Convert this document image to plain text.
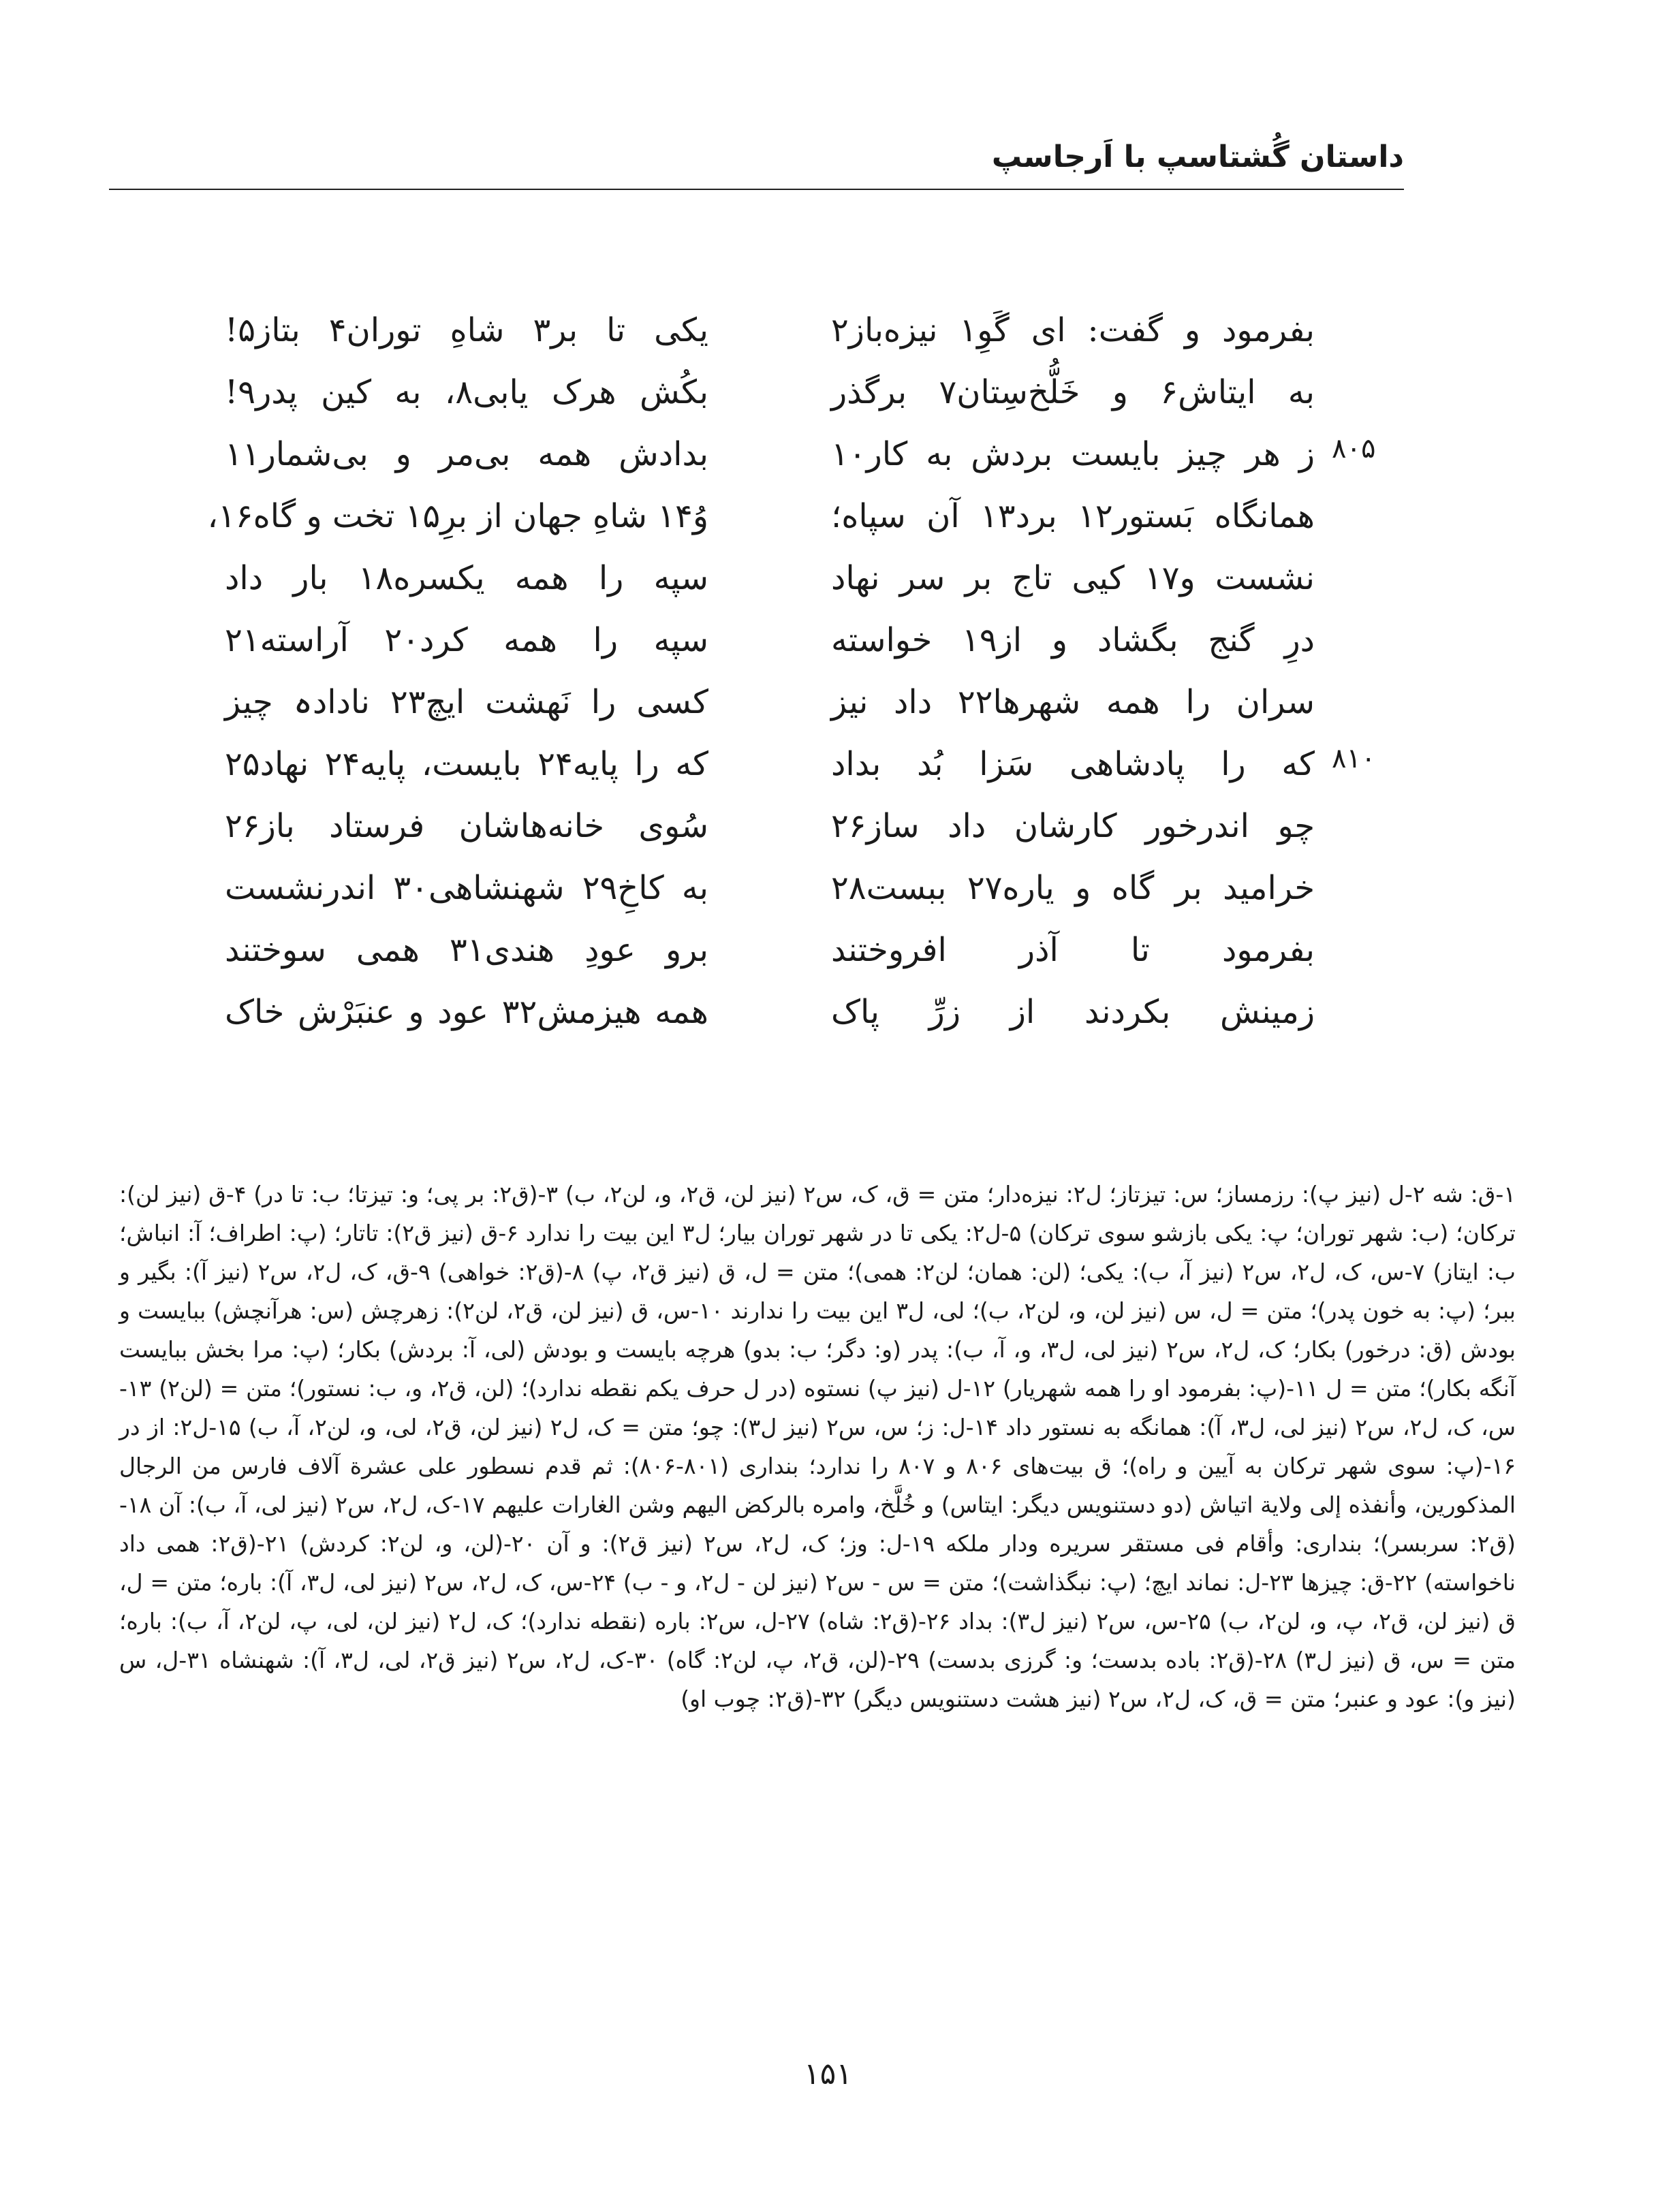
داستان گُشتاسپ با اَرجاسپ
بفرمود و گفت: ای گَوِ۱ نیزه‌باز۲
یکی تا بر۳ شاهِ توران۴ بتاز۵!
به ایتاش۶ و خَلُّخ‌سِتان۷ برگذر
بکُش هرک یابی۸، به کین پدر۹!
ز هر چیز بایست بردش به کار۱۰
بدادش همه بی‌مر و بی‌شمار۱۱	۸۰۵
همانگاه بَستور۱۲ برد۱۳ آن سپاه؛
وُ۱۴ شاهِ جهان از برِ۱۵ تخت و گاه۱۶،
نشست و۱۷ کیی تاج بر سر نهاد
سپه را همه یکسره۱۸ بار داد
درِ گنج بگشاد و از۱۹ خواسته
سپه را همه کرد۲۰ آراسته۲۱
سران را همه شهرها۲۲ داد نیز
کسی را نَهشت ایچ۲۳ نادادہ چیز
که را پادشاهی سَزا بُد بداد
که را پایه۲۴ بایست، پایه۲۴ نهاد۲۵	۸۱۰
چو اندرخور کارشان داد ساز۲۶
سُوی خانه‌هاشان فرستاد باز۲۶
خرامید بر گاه و یاره۲۷ ببست۲۸
به کاخِ۲۹ شهنشاهی۳۰ اندرنشست
بفرمود تا آذر افروختند
برو عودِ هندی۳۱ همی سوختند
زمینش بکردند از زرِّ پاک
همه هیزمش۳۲ عود و عنبَرْش خاک

۱-ق: شه ۲-ل (نیز پ): رزمساز؛ س: تیزتاز؛ ل۲: نیزه‌دار؛ متن = ق، ک، س۲ (نیز لن، ق۲، و، لن۲، ب) ۳-(ق۲: بر پی؛ و: تیزتا؛ ب: تا در) ۴-ق (نیز لن): ترکان؛ (ب: شهر توران؛ پ: یکی بازشو سوی ترکان) ۵-ل۲: یکی تا در شهر توران بیار؛ ل۳ این بیت را ندارد ۶-ق (نیز ق۲): تاتار؛ (پ: اطراف؛ آ: انباش؛ ب: ایتاز) ۷-س، ک، ل۲، س۲ (نیز آ، ب): یکی؛ (لن: همان؛ لن۲: همی)؛ متن = ل، ق (نیز ق۲، پ) ۸-(ق۲: خواهی) ۹-ق، ک، ل۲، س۲ (نیز آ): بگیر و ببر؛ (پ: به خون پدر)؛ متن = ل، س (نیز لن، و، لن۲، ب)؛ لی، ل۳ این بیت را ندارند ۱۰-س، ق (نیز لن، ق۲، لن۲): زهرچش (س: هرآنچش) ببایست و بودش (ق: درخور) بکار؛ ک، ل۲، س۲ (نیز لی، ل۳، و، آ، ب): پدر (و: دگر؛ ب: بدو) هرچه بایست و بودش (لی، آ: بردش) بکار؛ (پ: مرا بخش ببایست آنگه بکار)؛ متن = ل ۱۱-(پ: بفرمود او را همه شهریار) ۱۲-ل (نیز پ) نستوه (در ل حرف یکم نقطه ندارد)؛ (لن، ق۲، و، ب: نستور)؛ متن = (لن۲) ۱۳-س، ک، ل۲، س۲ (نیز لی، ل۳، آ): همانگه به نستور داد ۱۴-ل: ز؛ س، س۲ (نیز ل۳): چو؛ متن = ک، ل۲ (نیز لن، ق۲، لی، و، لن۲، آ، ب) ۱۵-ل۲: از در ۱۶-(پ: سوی شهر ترکان به آیین و راه)؛ ق بیت‌های ۸۰۶ و ۸۰۷ را ندارد؛ بنداری (۸۰۱-۸۰۶): ثم قدم نسطور علی عشرة آلاف فارس من الرجال المذکورین، وأنفذه إلی ولایة اتیاش (دو دستنویس دیگر: ایتاس) و خُلَّخ، وامره بالرکض الیهم وشن الغارات علیهم ۱۷-ک، ل۲، س۲ (نیز لی، آ، ب): آن ۱۸-(ق۲: سربسر)؛ بنداری: وأقام فی مستقر سریره ودار ملکه ۱۹-ل: وز؛ ک، ل۲، س۲ (نیز ق۲): و آن ۲۰-(لن، و، لن۲: کردش) ۲۱-(ق۲: همی داد ناخواسته) ۲۲-ق: چیزها ۲۳-ل: نماند ایچ؛ (پ: نبگذاشت)؛ متن = س - س۲ (نیز لن - ل۲، و - ب) ۲۴-س، ک، ل۲، س۲ (نیز لی، ل۳، آ): باره؛ متن = ل، ق (نیز لن، ق۲، پ، و، لن۲، ب) ۲۵-س، س۲ (نیز ل۳): بداد ۲۶-(ق۲: شاه) ۲۷-ل، س۲: باره (نقطه ندارد)؛ ک، ل۲ (نیز لن، لی، پ، لن۲، آ، ب): باره؛ متن = س، ق (نیز ل۳) ۲۸-(ق۲: باده بدست؛ و: گرزی بدست) ۲۹-(لن، ق۲، پ، لن۲: گاه) ۳۰-ک، ل۲، س۲ (نیز ق۲، لی، ل۳، آ): شهنشاه ۳۱-ل، س (نیز و): عود و عنبر؛ متن = ق، ک، ل۲، س۲ (نیز هشت دستنویس دیگر) ۳۲-(ق۲: چوب او)

۱۵۱
